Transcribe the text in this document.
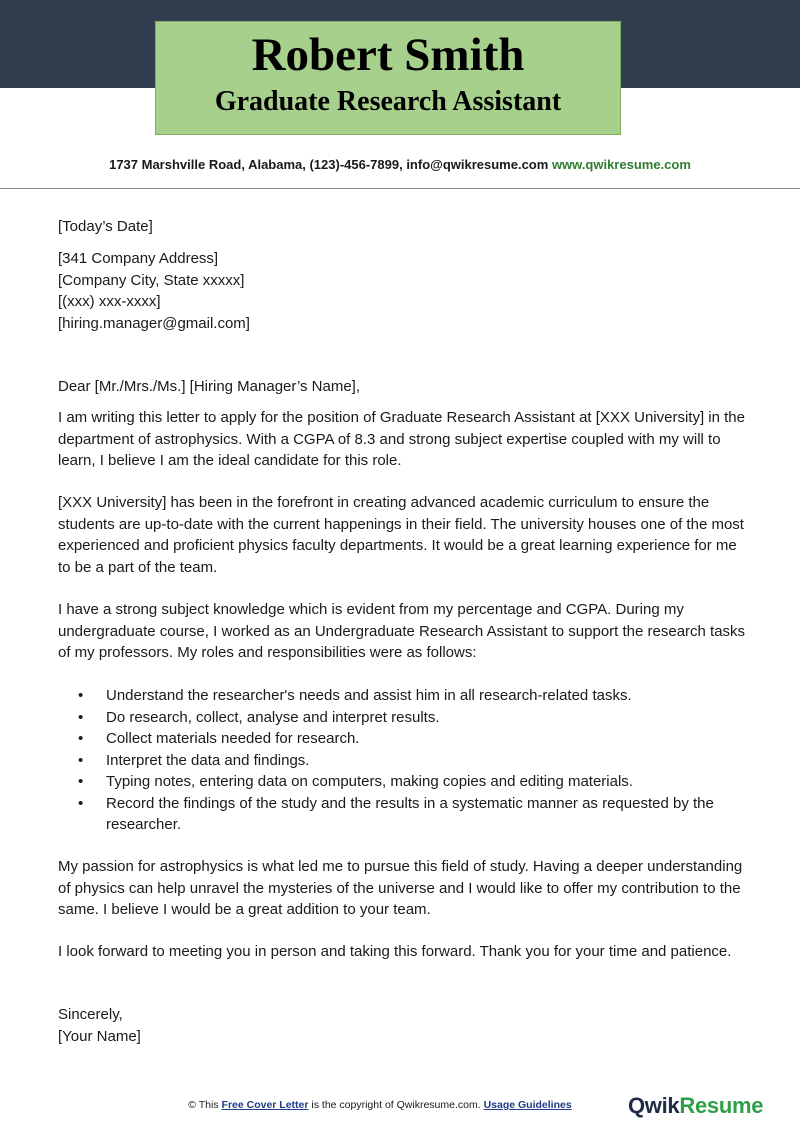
Robert Smith
Graduate Research Assistant
1737 Marshville Road, Alabama, (123)-456-7899, info@qwikresume.com www.qwikresume.com

[Today’s Date]

[341 Company Address]

[Company City, State xxxxx]

[(xxx) xxx-xxxx]

[hiring.manager@gmail.com]

Dear [Mr./Mrs./Ms.] [Hiring Manager’s Name],

I am writing this letter to apply for the position of Graduate Research Assistant at [XXX University] in the department of astrophysics. With a CGPA of 8.3 and strong subject expertise coupled with my will to learn, I believe I am the ideal candidate for this role.

[XXX University] has been in the forefront in creating advanced academic curriculum to ensure the students are up-to-date with the current happenings in their field. The university houses one of the most experienced and proficient physics faculty departments. It would be a great learning experience for me to be a part of the team.

I have a strong subject knowledge which is evident from my percentage and CGPA. During my undergraduate course, I worked as an Undergraduate Research Assistant to support the research tasks of my professors. My roles and responsibilities were as follows:

• Understand the researcher's needs and assist him in all research-related tasks.
• Do research, collect, analyse and interpret results.
• Collect materials needed for research.
• Interpret the data and findings.
• Typing notes, entering data on computers, making copies and editing materials.
• Record the findings of the study and the results in a systematic manner as requested by the researcher.

My passion for astrophysics is what led me to pursue this field of study. Having a deeper understanding of physics can help unravel the mysteries of the universe and I would like to offer my contribution to the same. I believe I would be a great addition to your team.

I look forward to meeting you in person and taking this forward. Thank you for your time and patience.

Sincerely,

[Your Name]

© This Free Cover Letter is the copyright of Qwikresume.com. Usage Guidelines	QwikResume
